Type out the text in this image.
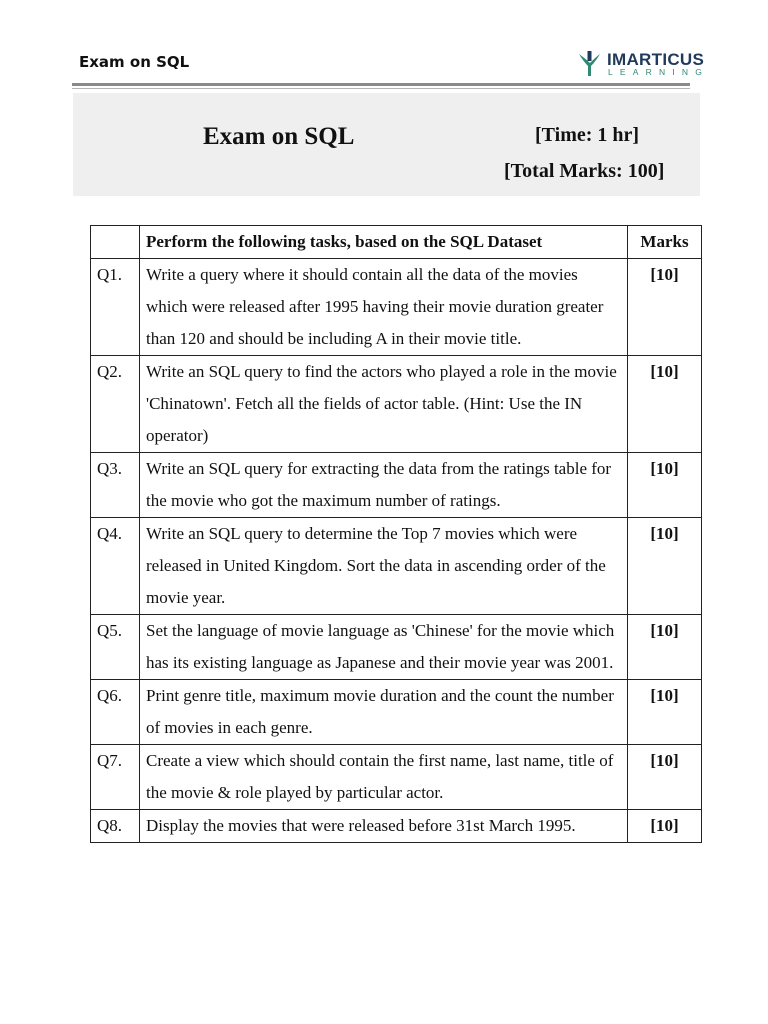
Exam on SQL	IMARTICUS
LEARNING
Exam on SQL	[Time: 1 hr]
[Total Marks: 100]
	Perform the following tasks, based on the SQL Dataset	Marks
Q1.	Write a query where it should contain all the data of the movies which were released after 1995 having their movie duration greater than 120 and should be including A in their movie title.	[10]
Q2.	Write an SQL query to find the actors who played a role in the movie 'Chinatown'. Fetch all the fields of actor table. (Hint: Use the IN operator)	[10]
Q3.	Write an SQL query for extracting the data from the ratings table for the movie who got the maximum number of ratings.	[10]
Q4.	Write an SQL query to determine the Top 7 movies which were released in United Kingdom. Sort the data in ascending order of the movie year.	[10]
Q5.	Set the language of movie language as 'Chinese' for the movie which has its existing language as Japanese and their movie year was 2001.	[10]
Q6.	Print genre title, maximum movie duration and the count the number of movies in each genre.	[10]
Q7.	Create a view which should contain the first name, last name, title of the movie & role played by particular actor.	[10]
Q8.	Display the movies that were released before 31st March 1995.	[10]
